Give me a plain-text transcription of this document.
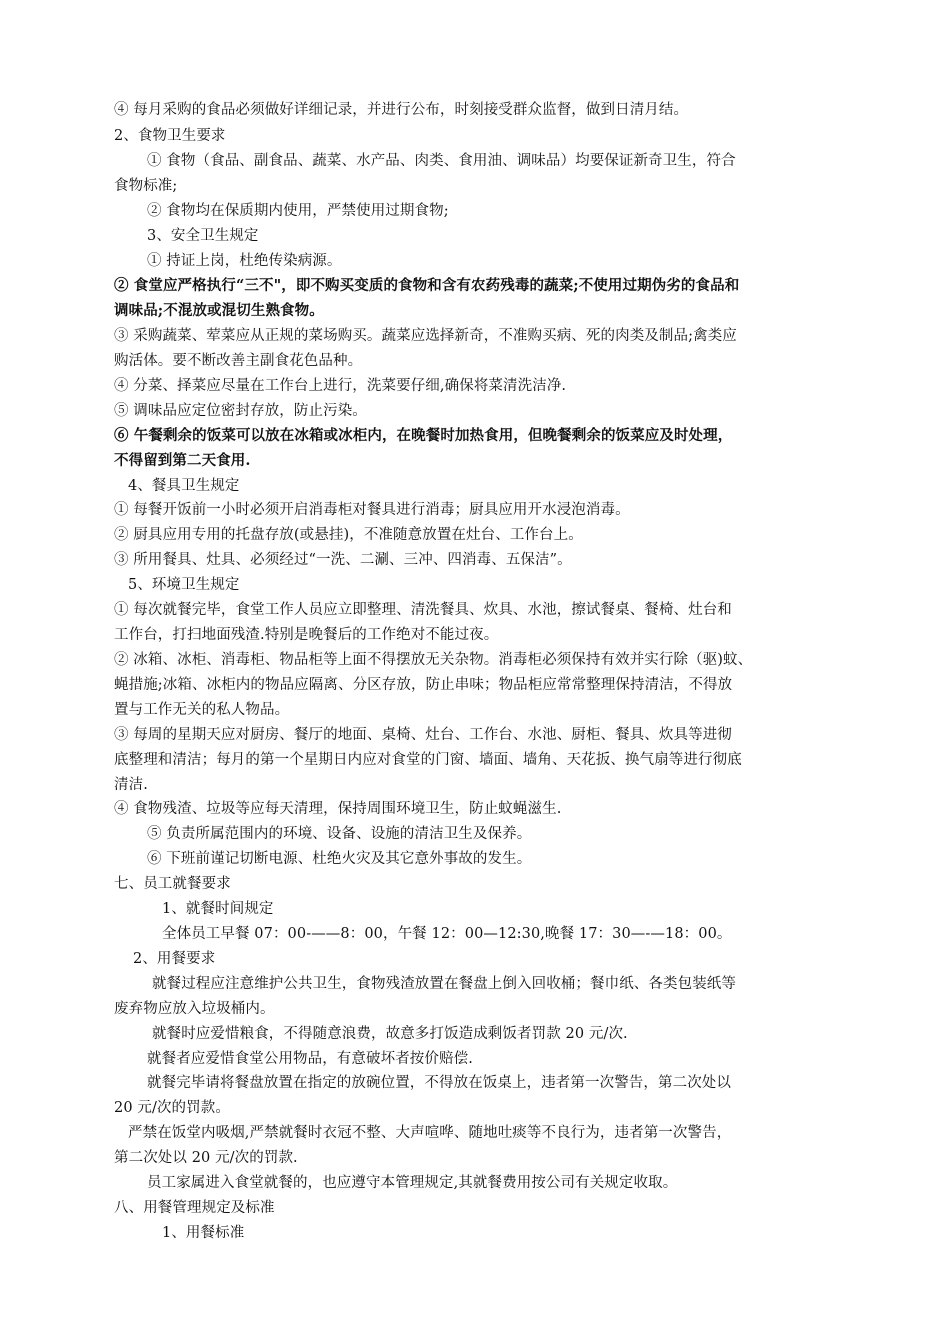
④ 每月采购的食品必须做好详细记录，并进行公布，时刻接受群众监督，做到日清月结。
2、食物卫生要求
① 食物（食品、副食品、蔬菜、水产品、肉类、食用油、调味品）均要保证新奇卫生，符合
食物标准;
② 食物均在保质期内使用，严禁使用过期食物;
3、安全卫生规定
① 持证上岗，杜绝传染病源。
② 食堂应严格执行“三不"，即不购买变质的食物和含有农药残毒的蔬菜;不使用过期伪劣的食品和
调味品;不混放或混切生熟食物。
③ 采购蔬菜、荤菜应从正规的菜场购买。蔬菜应选择新奇，不准购买病、死的肉类及制品;禽类应
购活体。要不断改善主副食花色品种。
④ 分菜、择菜应尽量在工作台上进行，洗菜要仔细,确保将菜清洗洁净.
⑤ 调味品应定位密封存放，防止污染。
⑥ 午餐剩余的饭菜可以放在冰箱或冰柜内，在晚餐时加热食用，但晚餐剩余的饭菜应及时处理，
不得留到第二天食用.
4、餐具卫生规定
① 每餐开饭前一小时必须开启消毒柜对餐具进行消毒；厨具应用开水浸泡消毒。
② 厨具应用专用的托盘存放(或悬挂)，不准随意放置在灶台、工作台上。
③ 所用餐具、灶具、必须经过“一洗、二涮、三冲、四消毒、五保洁”。
5、环境卫生规定
① 每次就餐完毕，食堂工作人员应立即整理、清洗餐具、炊具、水池，擦试餐桌、餐椅、灶台和
工作台，打扫地面残渣.特别是晚餐后的工作绝对不能过夜。
② 冰箱、冰柜、消毒柜、物品柜等上面不得摆放无关杂物。消毒柜必须保持有效并实行除（驱)蚊、
蝇措施;冰箱、冰柜内的物品应隔离、分区存放，防止串味；物品柜应常常整理保持清洁，不得放
置与工作无关的私人物品。
③ 每周的星期天应对厨房、餐厅的地面、桌椅、灶台、工作台、水池、厨柜、餐具、炊具等进彻
底整理和清洁；每月的第一个星期日内应对食堂的门窗、墙面、墙角、天花扳、换气扇等进行彻底
清洁.
④ 食物残渣、垃圾等应每天清理，保持周围环境卫生，防止蚊蝇滋生.
⑤ 负责所属范围内的环境、设备、设施的清洁卫生及保养。
⑥ 下班前谨记切断电源、杜绝火灾及其它意外事故的发生。
七、员工就餐要求
1、就餐时间规定
全体员工早餐 07：00-——8：00，午餐 12：00—12:30,晚餐 17：30—-—18：00。
2、用餐要求
就餐过程应注意维护公共卫生，食物残渣放置在餐盘上倒入回收桶；餐巾纸、各类包装纸等
废弃物应放入垃圾桶内。
就餐时应爱惜粮食，不得随意浪费，故意多打饭造成剩饭者罚款 20 元/次.
就餐者应爱惜食堂公用物品，有意破坏者按价赔偿.
就餐完毕请将餐盘放置在指定的放碗位置，不得放在饭桌上，违者第一次警告，第二次处以
20 元/次的罚款。
严禁在饭堂内吸烟,严禁就餐时衣冠不整、大声喧哗、随地吐痰等不良行为，违者第一次警告，
第二次处以 20 元/次的罚款.
员工家属进入食堂就餐的，也应遵守本管理规定,其就餐费用按公司有关规定收取。
八、用餐管理规定及标准
1、用餐标准
